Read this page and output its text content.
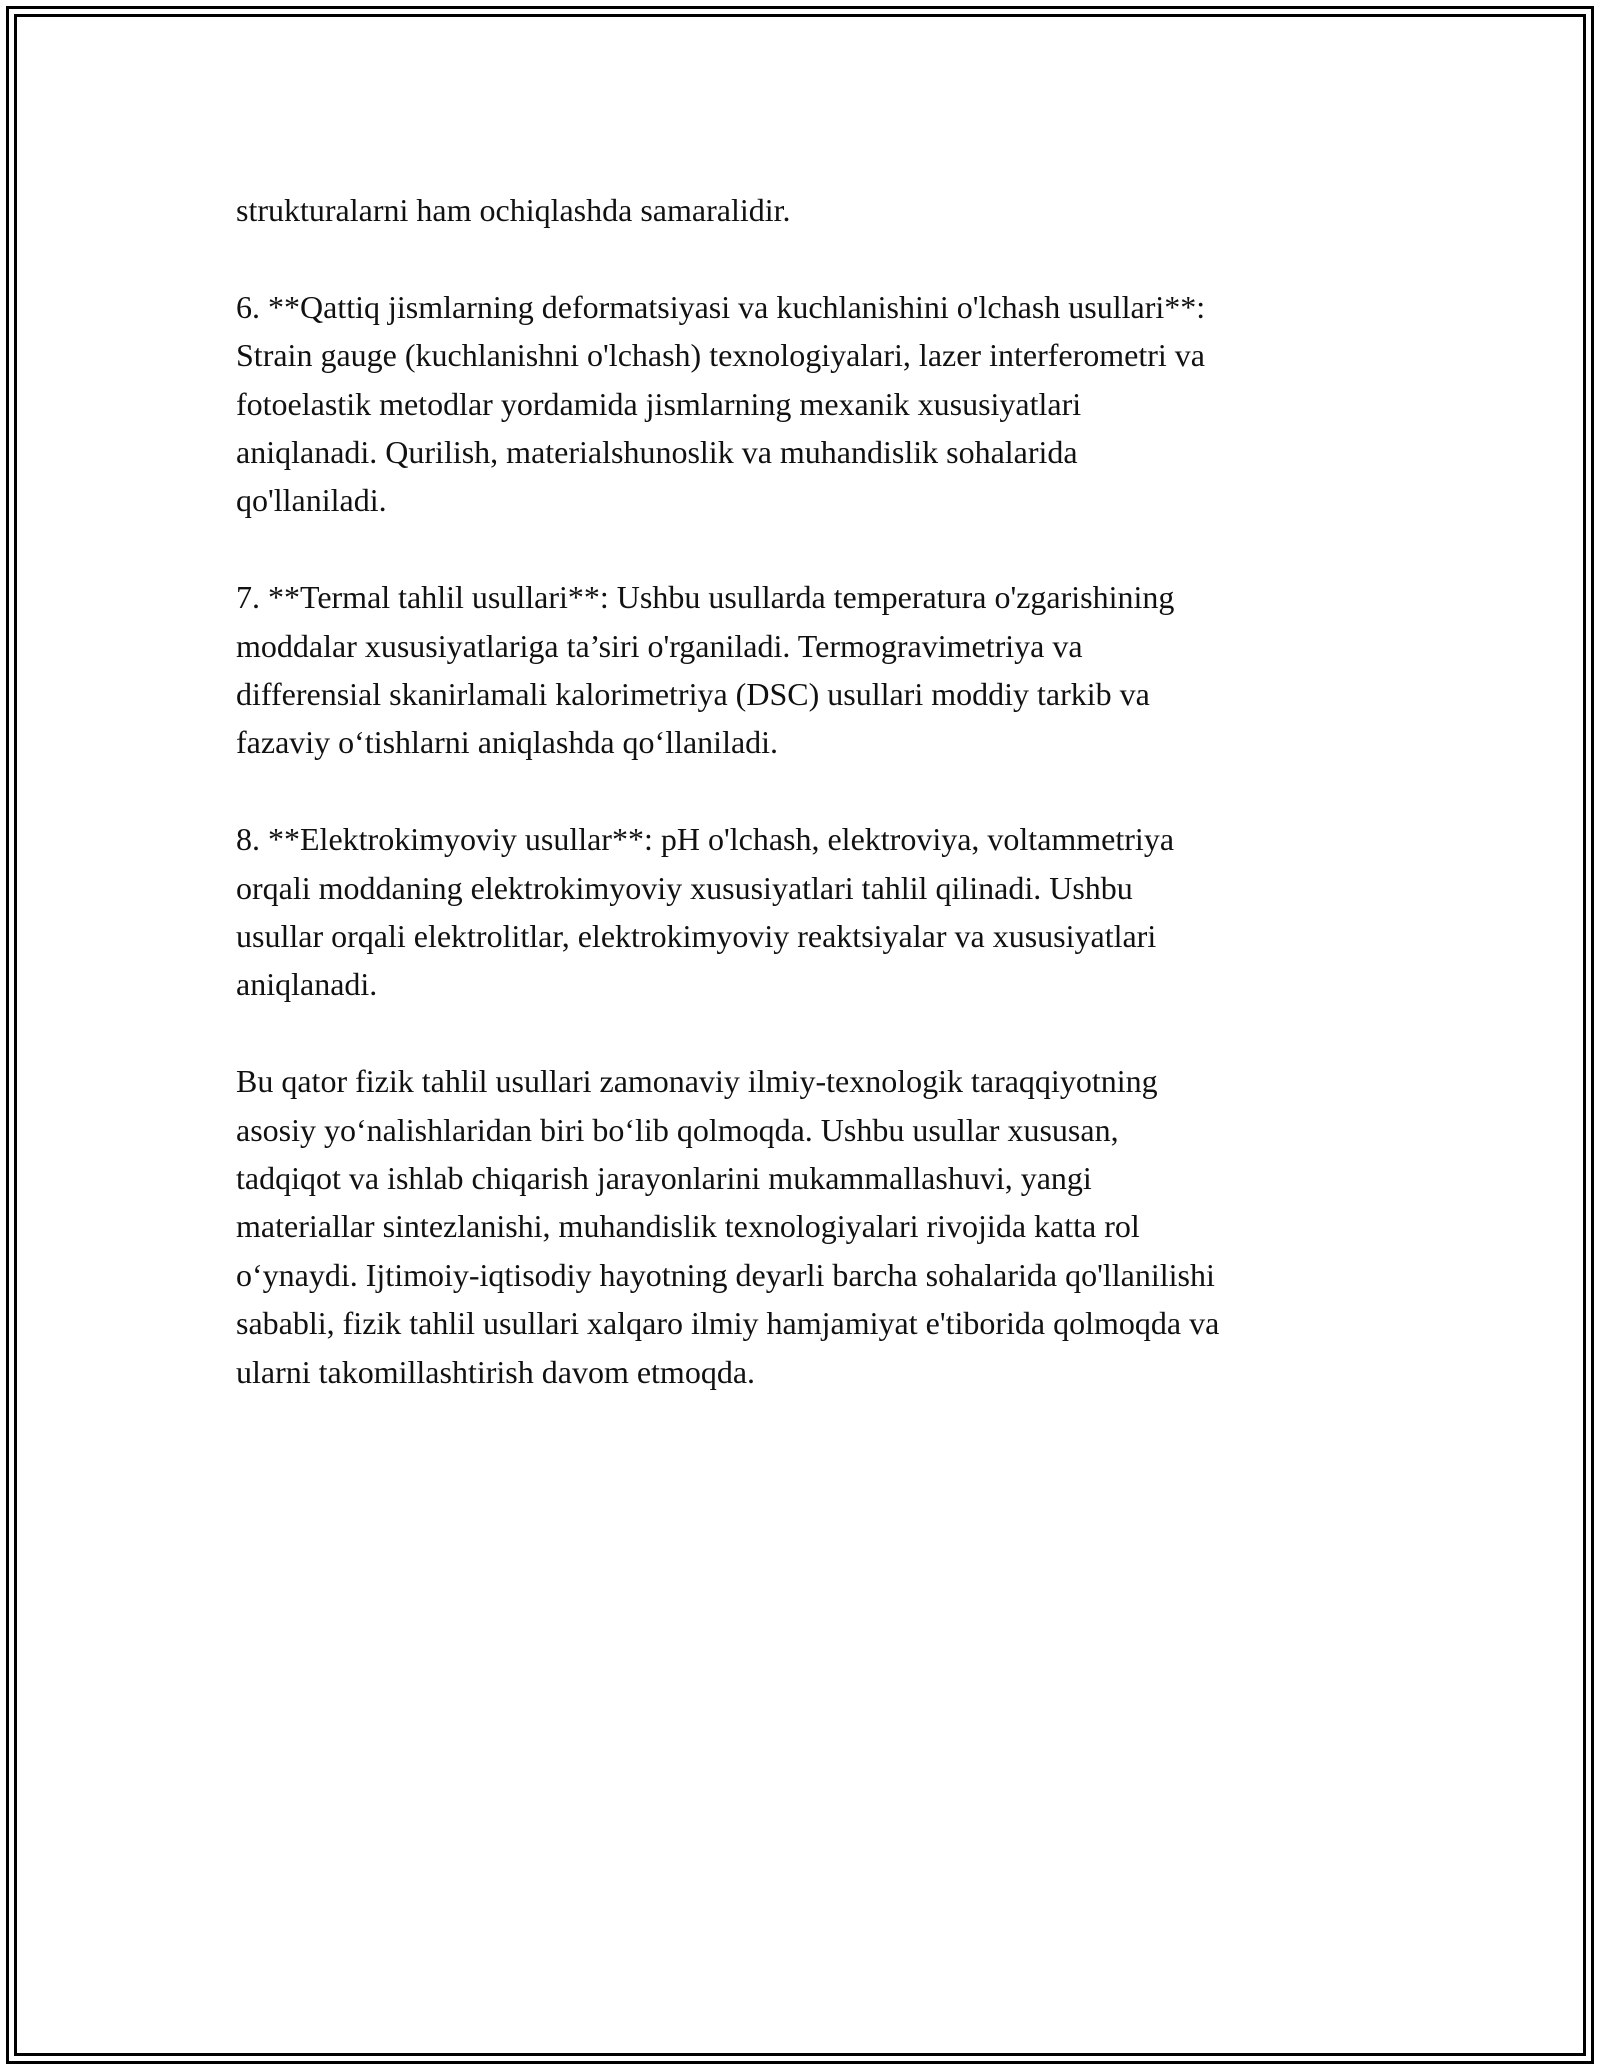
strukturalarni ham ochiqlashda samaralidir.

6. **Qattiq jismlarning deformatsiyasi va kuchlanishini o'lchash usullari**:
Strain gauge (kuchlanishni o'lchash) texnologiyalari, lazer interferometri va
fotoelastik metodlar yordamida jismlarning mexanik xususiyatlari
aniqlanadi. Qurilish, materialshunoslik va muhandislik sohalarida
qo'llaniladi.

7. **Termal tahlil usullari**: Ushbu usullarda temperatura o'zgarishining
moddalar xususiyatlariga ta’siri o'rganiladi. Termogravimetriya va
differensial skanirlamali kalorimetriya (DSC) usullari moddiy tarkib va
fazaviy o‘tishlarni aniqlashda qo‘llaniladi.

8. **Elektrokimyoviy usullar**: pH o'lchash, elektroviya, voltammetriya
orqali moddaning elektrokimyoviy xususiyatlari tahlil qilinadi. Ushbu
usullar orqali elektrolitlar, elektrokimyoviy reaktsiyalar va xususiyatlari
aniqlanadi.

Bu qator fizik tahlil usullari zamonaviy ilmiy-texnologik taraqqiyotning
asosiy yo‘nalishlaridan biri bo‘lib qolmoqda. Ushbu usullar xususan,
tadqiqot va ishlab chiqarish jarayonlarini mukammallashuvi, yangi
materiallar sintezlanishi, muhandislik texnologiyalari rivojida katta rol
o‘ynaydi. Ijtimoiy-iqtisodiy hayotning deyarli barcha sohalarida qo'llanilishi
sababli, fizik tahlil usullari xalqaro ilmiy hamjamiyat e'tiborida qolmoqda va
ularni takomillashtirish davom etmoqda.
